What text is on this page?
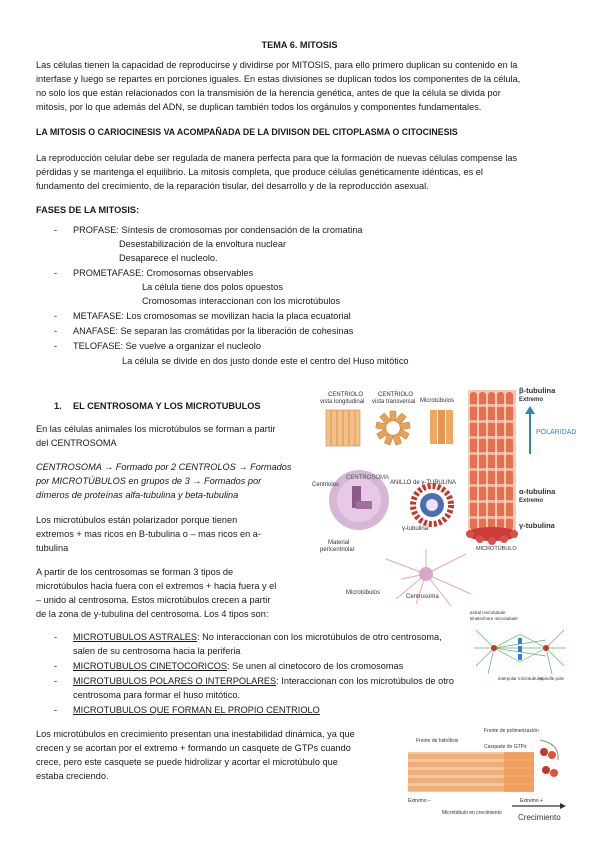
TEMA 6. MITOSIS
Las células tienen la capacidad de reproducirse y dividirse por MITOSIS, para ello primero duplican su contenido en la
interfase y luego se repartes en porciones iguales. En estas divisiones se duplican todos los componentes de la célula,
no solo los que están relacionados con la transmisión de la herencia genética, antes de que la célula se divida por
mitosis, por lo que además del ADN, se duplican también todos los orgánulos y componentes fundamentales.
LA MITOSIS O CARIOCINESIS VA ACOMPAÑADA DE LA DIVIISON DEL CITOPLASMA O CITOCINESIS
La reproducción celular debe ser regulada de manera perfecta para que la formación de nuevas células compense las
pérdidas y se mantenga el equilibrio. La mitosis completa, que produce células genéticamente idénticas, es el
fundamento del crecimiento, de la reparación tisular, del desarrollo y de la reproducción asexual.
FASES DE LA MITOSIS:
- PROFASE: Síntesis de cromosomas por condensación de la cromatina
Desestabilización de la envoltura nuclear
Desaparece el nucleolo.
- PROMETAFASE: Cromosomas observables
La célula tiene dos polos opuestos
Cromosomas interaccionan con los microtúbulos
- METAFASE: Los cromosomas se movilizan hacia la placa ecuatorial
- ANAFASE: Se separan las cromátidas por la liberación de cohesinas
- TELOFASE: Se vuelve a organizar el nucleolo
La célula se divide en dos justo donde este el centro del Huso mitótico
1. EL CENTROSOMA Y LOS MICROTUBULOS
En las células animales los microtúbulos se forman a partir
del CENTROSOMA
CENTROSOMA → Formado por 2 CENTROLOS → Formados
por MICROTÚBULOS en grupos de 3 → Formados por
dímeros de proteínas alfa-tubulina y beta-tubulina
Los microtúbulos están polarizador porque tienen
extremos + mas ricos en B-tubulina o – mas ricos en a-
tubulina
A partir de los centrosomas se forman 3 tipos de
microtúbulos hacia fuera con el extremos + hacia fuera y el
– unido al centrosoma. Estos microtúbulos crecen a partir
de la zona de y-tubulina del centrosoma. Los 4 tipos son:
- MICROTUBULOS ASTRALES: No interaccionan con los microtúbulos de otro centrosoma,
salen de su centrosoma hacia la periferia
- MICROTUBULOS CINETOCORICOS: Se unen al cinetocoro de los cromosomas
- MICROTUBULOS POLARES O INTERPOLARES: Interaccionan con los microtúbulos de otro
centrosoma para formar el huso mitótico.
- MICROTUBULOS QUE FORMAN EL PROPIO CENTRIOLO
Los microtúbulos en crecimiento presentan una inestabilidad dinámica, ya que
crecen y se acortan por el extremo + formando un casquete de GTPs cuando
crece, pero este casquete se puede hidrolizar y acortar el microtúbulo que
estaba creciendo.
CENTRIOLO
vista longitudinal
CENTRIOLO
vista transversal Microtúbulos
β-tubulina
Extremo
POLARIDAD
α-tubulina
Extremo
γ-tubulina
Centriolos
CENTROSOMA
ANILLO de γ-TUBULINA
γ-tubulina
Material
pericentriolar	MICROTÚBULO
Microtúbulos
Centrosoma
astral microtubule
kinetochore microtubule
interpolar microtubules
spindle pole
Frente de polimerización
Frente de hidrólisis
Casquete de GTPs
Extremo –	Extremo +
Microtúbulo en crecimiento Crecimiento
